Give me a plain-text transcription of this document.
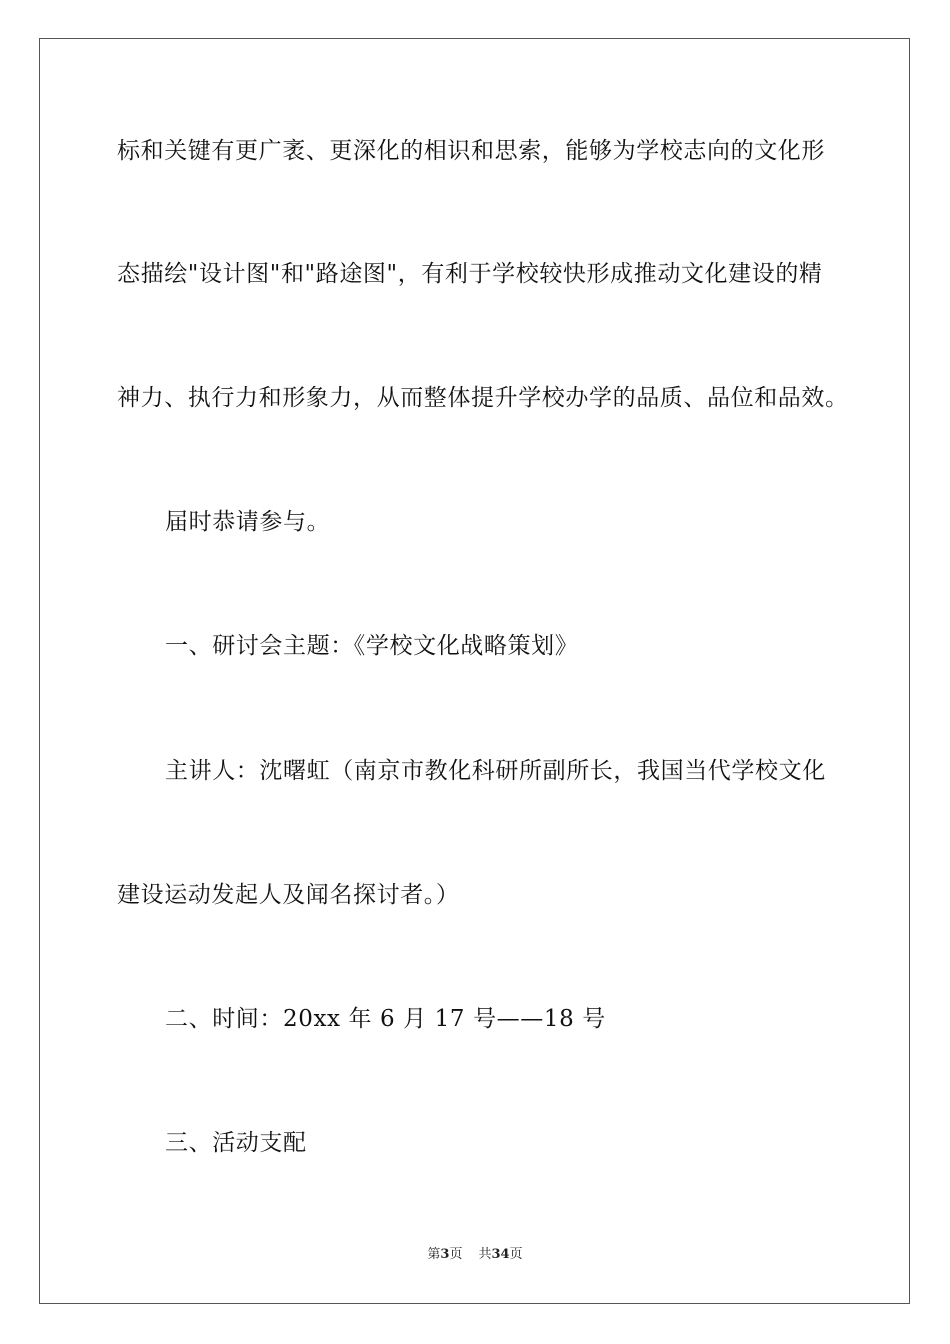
标和关键有更广袤、更深化的相识和思索，能够为学校志向的文化形
态描绘"设计图"和"路途图"，有利于学校较快形成推动文化建设的精
神力、执行力和形象力，从而整体提升学校办学的品质、品位和品效。
届时恭请参与。
一、研讨会主题：《学校文化战略策划》
主讲人：沈曙虹（南京市教化科研所副所长，我国当代学校文化
建设运动发起人及闻名探讨者。）
二、时间：20xx 年 6 月 17 号——18 号
三、活动支配
第3页 共34页
